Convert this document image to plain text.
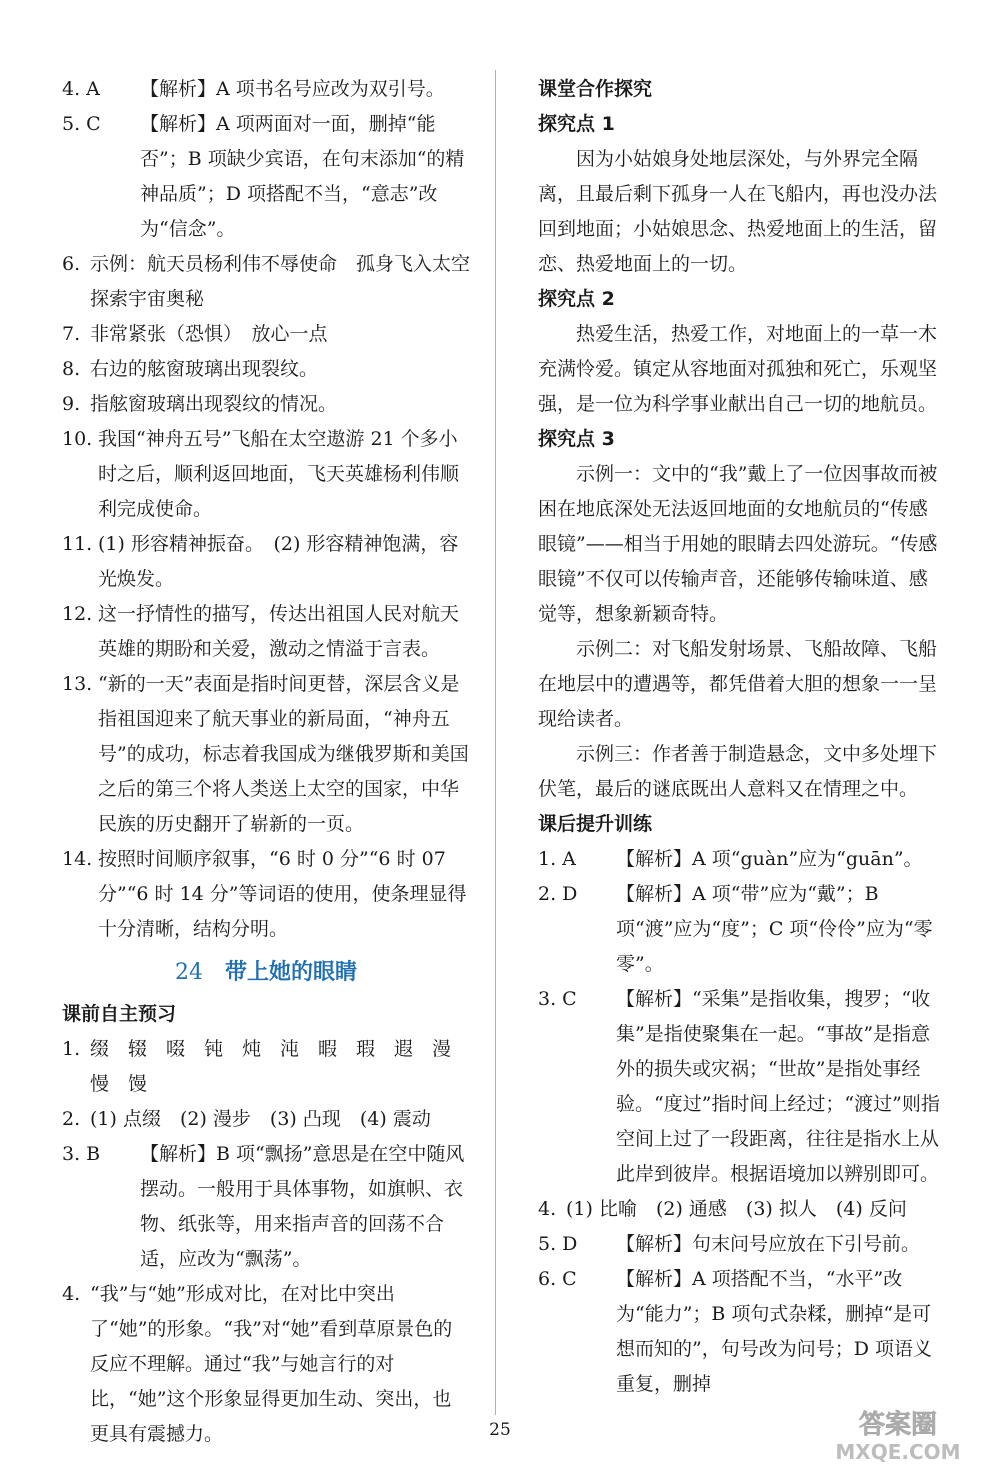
4. A	【解析】A 项书名号应改为双引号。
5. C	【解析】A 项两面对一面，删掉“能否”；B 项缺少宾语，在句末添加“的精神品质”；D 项搭配不当，“意志”改为“信念”。
6. 示例：航天员杨利伟不辱使命　孤身飞入太空探索宇宙奥秘
7. 非常紧张（恐惧）　放心一点
8. 右边的舷窗玻璃出现裂纹。
9. 指舷窗玻璃出现裂纹的情况。
10. 我国“神舟五号”飞船在太空遨游 21 个多小时之后，顺利返回地面，飞天英雄杨利伟顺利完成使命。
11. (1) 形容精神振奋。　(2) 形容精神饱满，容光焕发。
12. 这一抒情性的描写，传达出祖国人民对航天英雄的期盼和关爱，激动之情溢于言表。
13. “新的一天”表面是指时间更替，深层含义是指祖国迎来了航天事业的新局面，“神舟五号”的成功，标志着我国成为继俄罗斯和美国之后的第三个将人类送上太空的国家，中华民族的历史翻开了崭新的一页。
14. 按照时间顺序叙事，“6 时 0 分”“6 时 07 分”“6 时 14 分”等词语的使用，使条理显得十分清晰，结构分明。
24 带上她的眼睛
课前自主预习
1. 缀　辍　啜　钝　炖　沌　暇　瑕　遐　漫　慢　馒
2. (1) 点缀　(2) 漫步　(3) 凸现　(4) 震动
3. B	【解析】B 项“飘扬”意思是在空中随风摆动。一般用于具体事物，如旗帜、衣物、纸张等，用来指声音的回荡不合适，应改为“飘荡”。
4. “我”与“她”形成对比，在对比中突出了“她”的形象。“我”对“她”看到草原景色的反应不理解。通过“我”与她言行的对比，“她”这个形象显得更加生动、突出，也更具有震撼力。
课堂合作探究
探究点 1
因为小姑娘身处地层深处，与外界完全隔离，且最后剩下孤身一人在飞船内，再也没办法回到地面；小姑娘思念、热爱地面上的生活，留恋、热爱地面上的一切。
探究点 2
热爱生活，热爱工作，对地面上的一草一木充满怜爱。镇定从容地面对孤独和死亡，乐观坚强，是一位为科学事业献出自己一切的地航员。
探究点 3
示例一：文中的“我”戴上了一位因事故而被困在地底深处无法返回地面的女地航员的“传感眼镜”——相当于用她的眼睛去四处游玩。“传感眼镜”不仅可以传输声音，还能够传输味道、感觉等，想象新颖奇特。
示例二：对飞船发射场景、飞船故障、飞船在地层中的遭遇等，都凭借着大胆的想象一一呈现给读者。
示例三：作者善于制造悬念，文中多处埋下伏笔，最后的谜底既出人意料又在情理之中。
课后提升训练
1. A	【解析】A 项“guàn”应为“guān”。
2. D	【解析】A 项“带”应为“戴”；B 项“渡”应为“度”；C 项“伶伶”应为“零零”。
3. C	【解析】“采集”是指收集，搜罗；“收集”是指使聚集在一起。“事故”是指意外的损失或灾祸；“世故”是指处事经验。“度过”指时间上经过；“渡过”则指空间上过了一段距离，往往是指水上从此岸到彼岸。根据语境加以辨别即可。
4. (1) 比喻　(2) 通感　(3) 拟人　(4) 反问
5. D	【解析】句末问号应放在下引号前。
6. C	【解析】A 项搭配不当，“水平”改为“能力”；B 项句式杂糅，删掉“是可想而知的”，句号改为问号；D 项语义重复，删掉
25	答案圈
MXQE.COM
